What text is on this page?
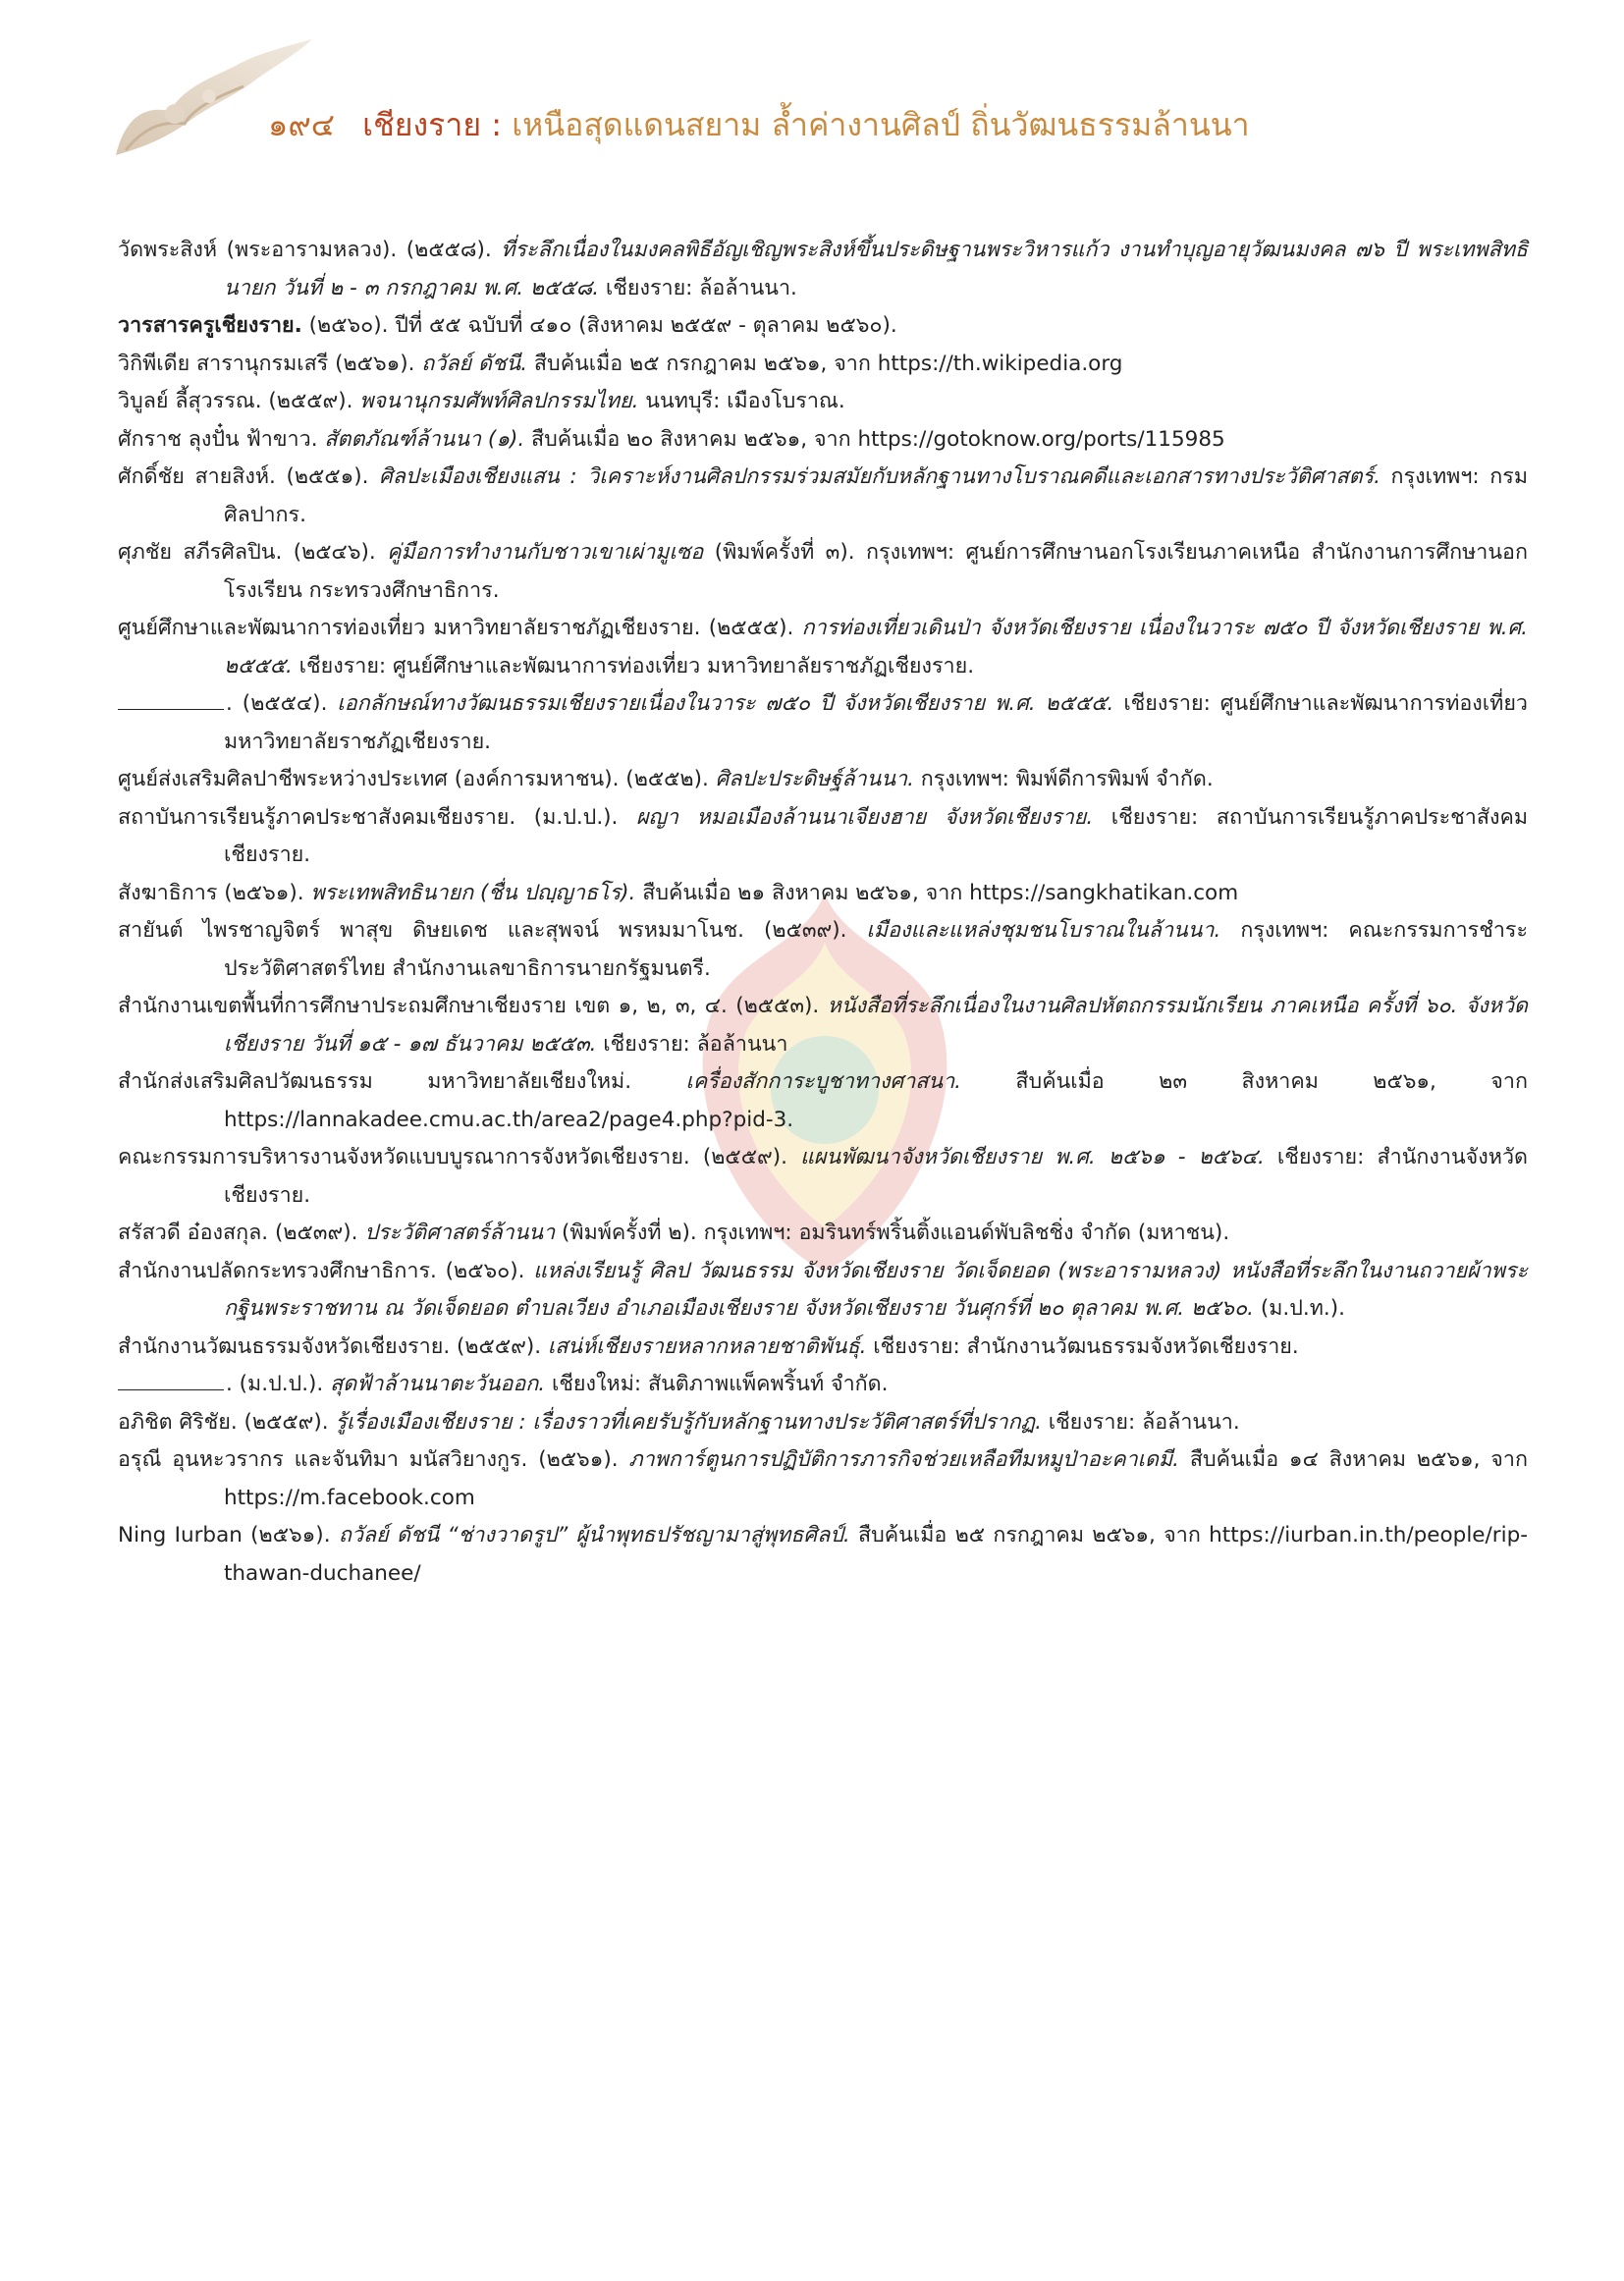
๑๙๔ เชียงราย : เหนือสุดแดนสยาม ล้ำค่างานศิลป์ ถิ่นวัฒนธรรมล้านนา

วัดพระสิงห์ (พระอารามหลวง). (๒๕๕๘). ที่ระลึกเนื่องในมงคลพิธีอัญเชิญพระสิงห์ขึ้นประดิษฐานพระวิหารแก้ว งานทำบุญอายุวัฒนมงคล ๗๖ ปี พระเทพสิทธินายก วันที่ ๒ - ๓ กรกฎาคม พ.ศ. ๒๕๕๘. เชียงราย: ล้อล้านนา.

วารสารครูเชียงราย. (๒๕๖๐). ปีที่ ๕๕ ฉบับที่ ๔๑๐ (สิงหาคม ๒๕๕๙ - ตุลาคม ๒๕๖๐).

วิกิพีเดีย สารานุกรมเสรี (๒๕๖๑). ถวัลย์ ดัชนี. สืบค้นเมื่อ ๒๕ กรกฎาคม ๒๕๖๑, จาก https://th.wikipedia.org

วิบูลย์ ลี้สุวรรณ. (๒๕๕๙). พจนานุกรมศัพท์ศิลปกรรมไทย. นนทบุรี: เมืองโบราณ.

ศักราช ลุงปั๋น ฟ้าขาว. สัตตภัณฑ์ล้านนา (๑). สืบค้นเมื่อ ๒๐ สิงหาคม ๒๕๖๑, จาก https://gotoknow.org/ports/115985

ศักดิ์ชัย สายสิงห์. (๒๕๕๑). ศิลปะเมืองเชียงแสน : วิเคราะห์งานศิลปกรรมร่วมสมัยกับหลักฐานทางโบราณคดีและเอกสารทางประวัติศาสตร์. กรุงเทพฯ: กรมศิลปากร.

ศุภชัย สภีรศิลปิน. (๒๕๔๖). คู่มือการทำงานกับชาวเขาเผ่ามูเซอ (พิมพ์ครั้งที่ ๓). กรุงเทพฯ: ศูนย์การศึกษานอกโรงเรียนภาคเหนือ สำนักงานการศึกษานอกโรงเรียน กระทรวงศึกษาธิการ.

ศูนย์ศึกษาและพัฒนาการท่องเที่ยว มหาวิทยาลัยราชภัฏเชียงราย. (๒๕๕๕). การท่องเที่ยวเดินป่า จังหวัดเชียงราย เนื่องในวาระ ๗๕๐ ปี จังหวัดเชียงราย พ.ศ. ๒๕๕๕. เชียงราย: ศูนย์ศึกษาและพัฒนาการท่องเที่ยว มหาวิทยาลัยราชภัฏเชียงราย.

. (๒๕๕๔). เอกลักษณ์ทางวัฒนธรรมเชียงรายเนื่องในวาระ ๗๕๐ ปี จังหวัดเชียงราย พ.ศ. ๒๕๕๕. เชียงราย: ศูนย์ศึกษาและพัฒนาการท่องเที่ยว มหาวิทยาลัยราชภัฏเชียงราย.

ศูนย์ส่งเสริมศิลปาชีพระหว่างประเทศ (องค์การมหาชน). (๒๕๕๒). ศิลปะประดิษฐ์ล้านนา. กรุงเทพฯ: พิมพ์ดีการพิมพ์ จำกัด.

สถาบันการเรียนรู้ภาคประชาสังคมเชียงราย. (ม.ป.ป.). ผญา หมอเมืองล้านนาเจียงฮาย จังหวัดเชียงราย. เชียงราย: สถาบันการเรียนรู้ภาคประชาสังคมเชียงราย.

สังฆาธิการ (๒๕๖๑). พระเทพสิทธินายก (ชื่น ปญฺญาธโร). สืบค้นเมื่อ ๒๑ สิงหาคม ๒๕๖๑, จาก https://sangkhatikan.com

สายันต์ ไพรชาญจิตร์ พาสุข ดิษยเดช และสุพจน์ พรหมมาโนช. (๒๕๓๙). เมืองและแหล่งชุมชนโบราณในล้านนา. กรุงเทพฯ: คณะกรรมการชำระประวัติศาสตร์ไทย สำนักงานเลขาธิการนายกรัฐมนตรี.

สำนักงานเขตพื้นที่การศึกษาประถมศึกษาเชียงราย เขต ๑, ๒, ๓, ๔. (๒๕๕๓). หนังสือที่ระลึกเนื่องในงานศิลปหัตถกรรมนักเรียน ภาคเหนือ ครั้งที่ ๖๐. จังหวัดเชียงราย วันที่ ๑๕ - ๑๗ ธันวาคม ๒๕๕๓. เชียงราย: ล้อล้านนา

สำนักส่งเสริมศิลปวัฒนธรรม มหาวิทยาลัยเชียงใหม่. เครื่องสักการะบูชาทางศาสนา. สืบค้นเมื่อ ๒๓ สิงหาคม ๒๕๖๑, จาก https://lannakadee.cmu.ac.th/area2/page4.php?pid-3.

คณะกรรมการบริหารงานจังหวัดแบบบูรณาการจังหวัดเชียงราย. (๒๕๕๙). แผนพัฒนาจังหวัดเชียงราย พ.ศ. ๒๕๖๑ - ๒๕๖๔. เชียงราย: สำนักงานจังหวัดเชียงราย.

สรัสวดี อ๋องสกุล. (๒๕๓๙). ประวัติศาสตร์ล้านนา (พิมพ์ครั้งที่ ๒). กรุงเทพฯ: อมรินทร์พริ้นติ้งแอนด์พับลิชชิ่ง จำกัด (มหาชน).

สำนักงานปลัดกระทรวงศึกษาธิการ. (๒๕๖๐). แหล่งเรียนรู้ ศิลป วัฒนธรรม จังหวัดเชียงราย วัดเจ็ดยอด (พระอารามหลวง) หนังสือที่ระลึกในงานถวายผ้าพระกฐินพระราชทาน ณ วัดเจ็ดยอด ตำบลเวียง อำเภอเมืองเชียงราย จังหวัดเชียงราย วันศุกร์ที่ ๒๐ ตุลาคม พ.ศ. ๒๕๖๐. (ม.ป.ท.).

สำนักงานวัฒนธรรมจังหวัดเชียงราย. (๒๕๕๙). เสน่ห์เชียงรายหลากหลายชาติพันธุ์. เชียงราย: สำนักงานวัฒนธรรมจังหวัดเชียงราย.

. (ม.ป.ป.). สุดฟ้าล้านนาตะวันออก. เชียงใหม่: สันติภาพแพ็คพริ้นท์ จำกัด.

อภิชิต ศิริชัย. (๒๕๕๙). รู้เรื่องเมืองเชียงราย : เรื่องราวที่เคยรับรู้กับหลักฐานทางประวัติศาสตร์ที่ปรากฏ. เชียงราย: ล้อล้านนา.

อรุณี อุนหะวรากร และจันทิมา มนัสวิยางกูร. (๒๕๖๑). ภาพการ์ตูนการปฏิบัติการภารกิจช่วยเหลือทีมหมูป่าอะคาเดมี. สืบค้นเมื่อ ๑๔ สิงหาคม ๒๕๖๑, จาก https://m.facebook.com

Ning Iurban (๒๕๖๑). ถวัลย์ ดัชนี “ช่างวาดรูป” ผู้นำพุทธปรัชญามาสู่พุทธศิลป์. สืบค้นเมื่อ ๒๕ กรกฎาคม ๒๕๖๑, จาก https://iurban.in.th/people/rip-thawan-duchanee/
